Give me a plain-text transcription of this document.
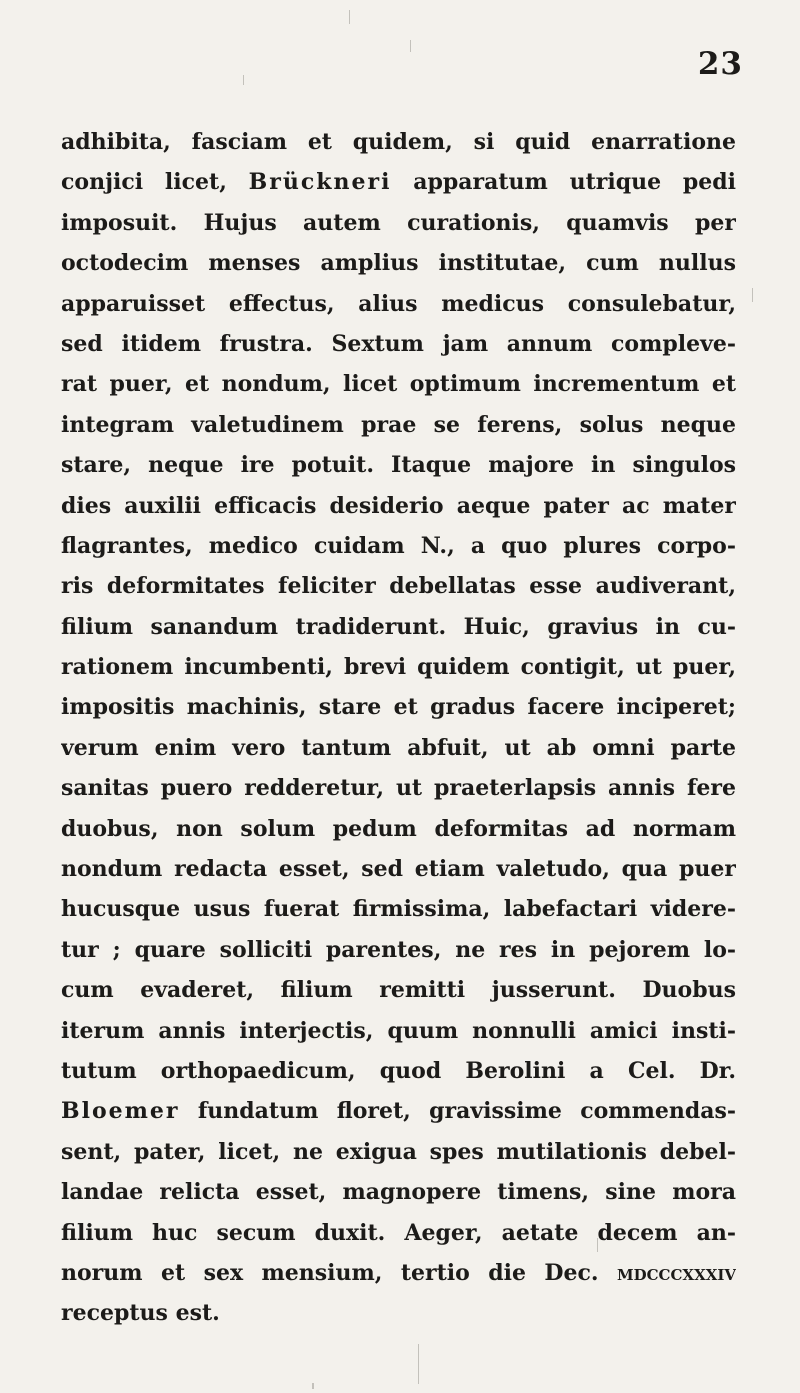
23
adhibita, fasciam et quidem, si quid enarratione
conjici licet, Brückneri apparatum utrique pedi
imposuit. Hujus autem curationis, quamvis per
octodecim menses amplius institutae, cum nullus
apparuisset effectus, alius medicus consulebatur,
sed itidem frustra. Sextum jam annum compleve-
rat puer, et nondum, licet optimum incrementum et
integram valetudinem prae se ferens, solus neque
stare, neque ire potuit. Itaque majore in singulos
dies auxilii efficacis desiderio aeque pater ac mater
flagrantes, medico cuidam N., a quo plures corpo-
ris deformitates feliciter debellatas esse audiverant,
filium sanandum tradiderunt. Huic, gravius in cu-
rationem incumbenti, brevi quidem contigit, ut puer,
impositis machinis, stare et gradus facere inciperet;
verum enim vero tantum abfuit, ut ab omni parte
sanitas puero redderetur, ut praeterlapsis annis fere
duobus, non solum pedum deformitas ad normam
nondum redacta esset, sed etiam valetudo, qua puer
hucusque usus fuerat firmissima, labefactari videre-
tur ; quare solliciti parentes, ne res in pejorem lo-
cum evaderet, filium remitti jusserunt. Duobus
iterum annis interjectis, quum nonnulli amici insti-
tutum orthopaedicum, quod Berolini a Cel. Dr.
Bloemer fundatum floret, gravissime commendas-
sent, pater, licet, ne exigua spes mutilationis debel-
landae relicta esset, magnopere timens, sine mora
filium huc secum duxit. Aeger, aetate decem an-
norum et sex mensium, tertio die Dec. mdcccxxxiv
receptus est.
